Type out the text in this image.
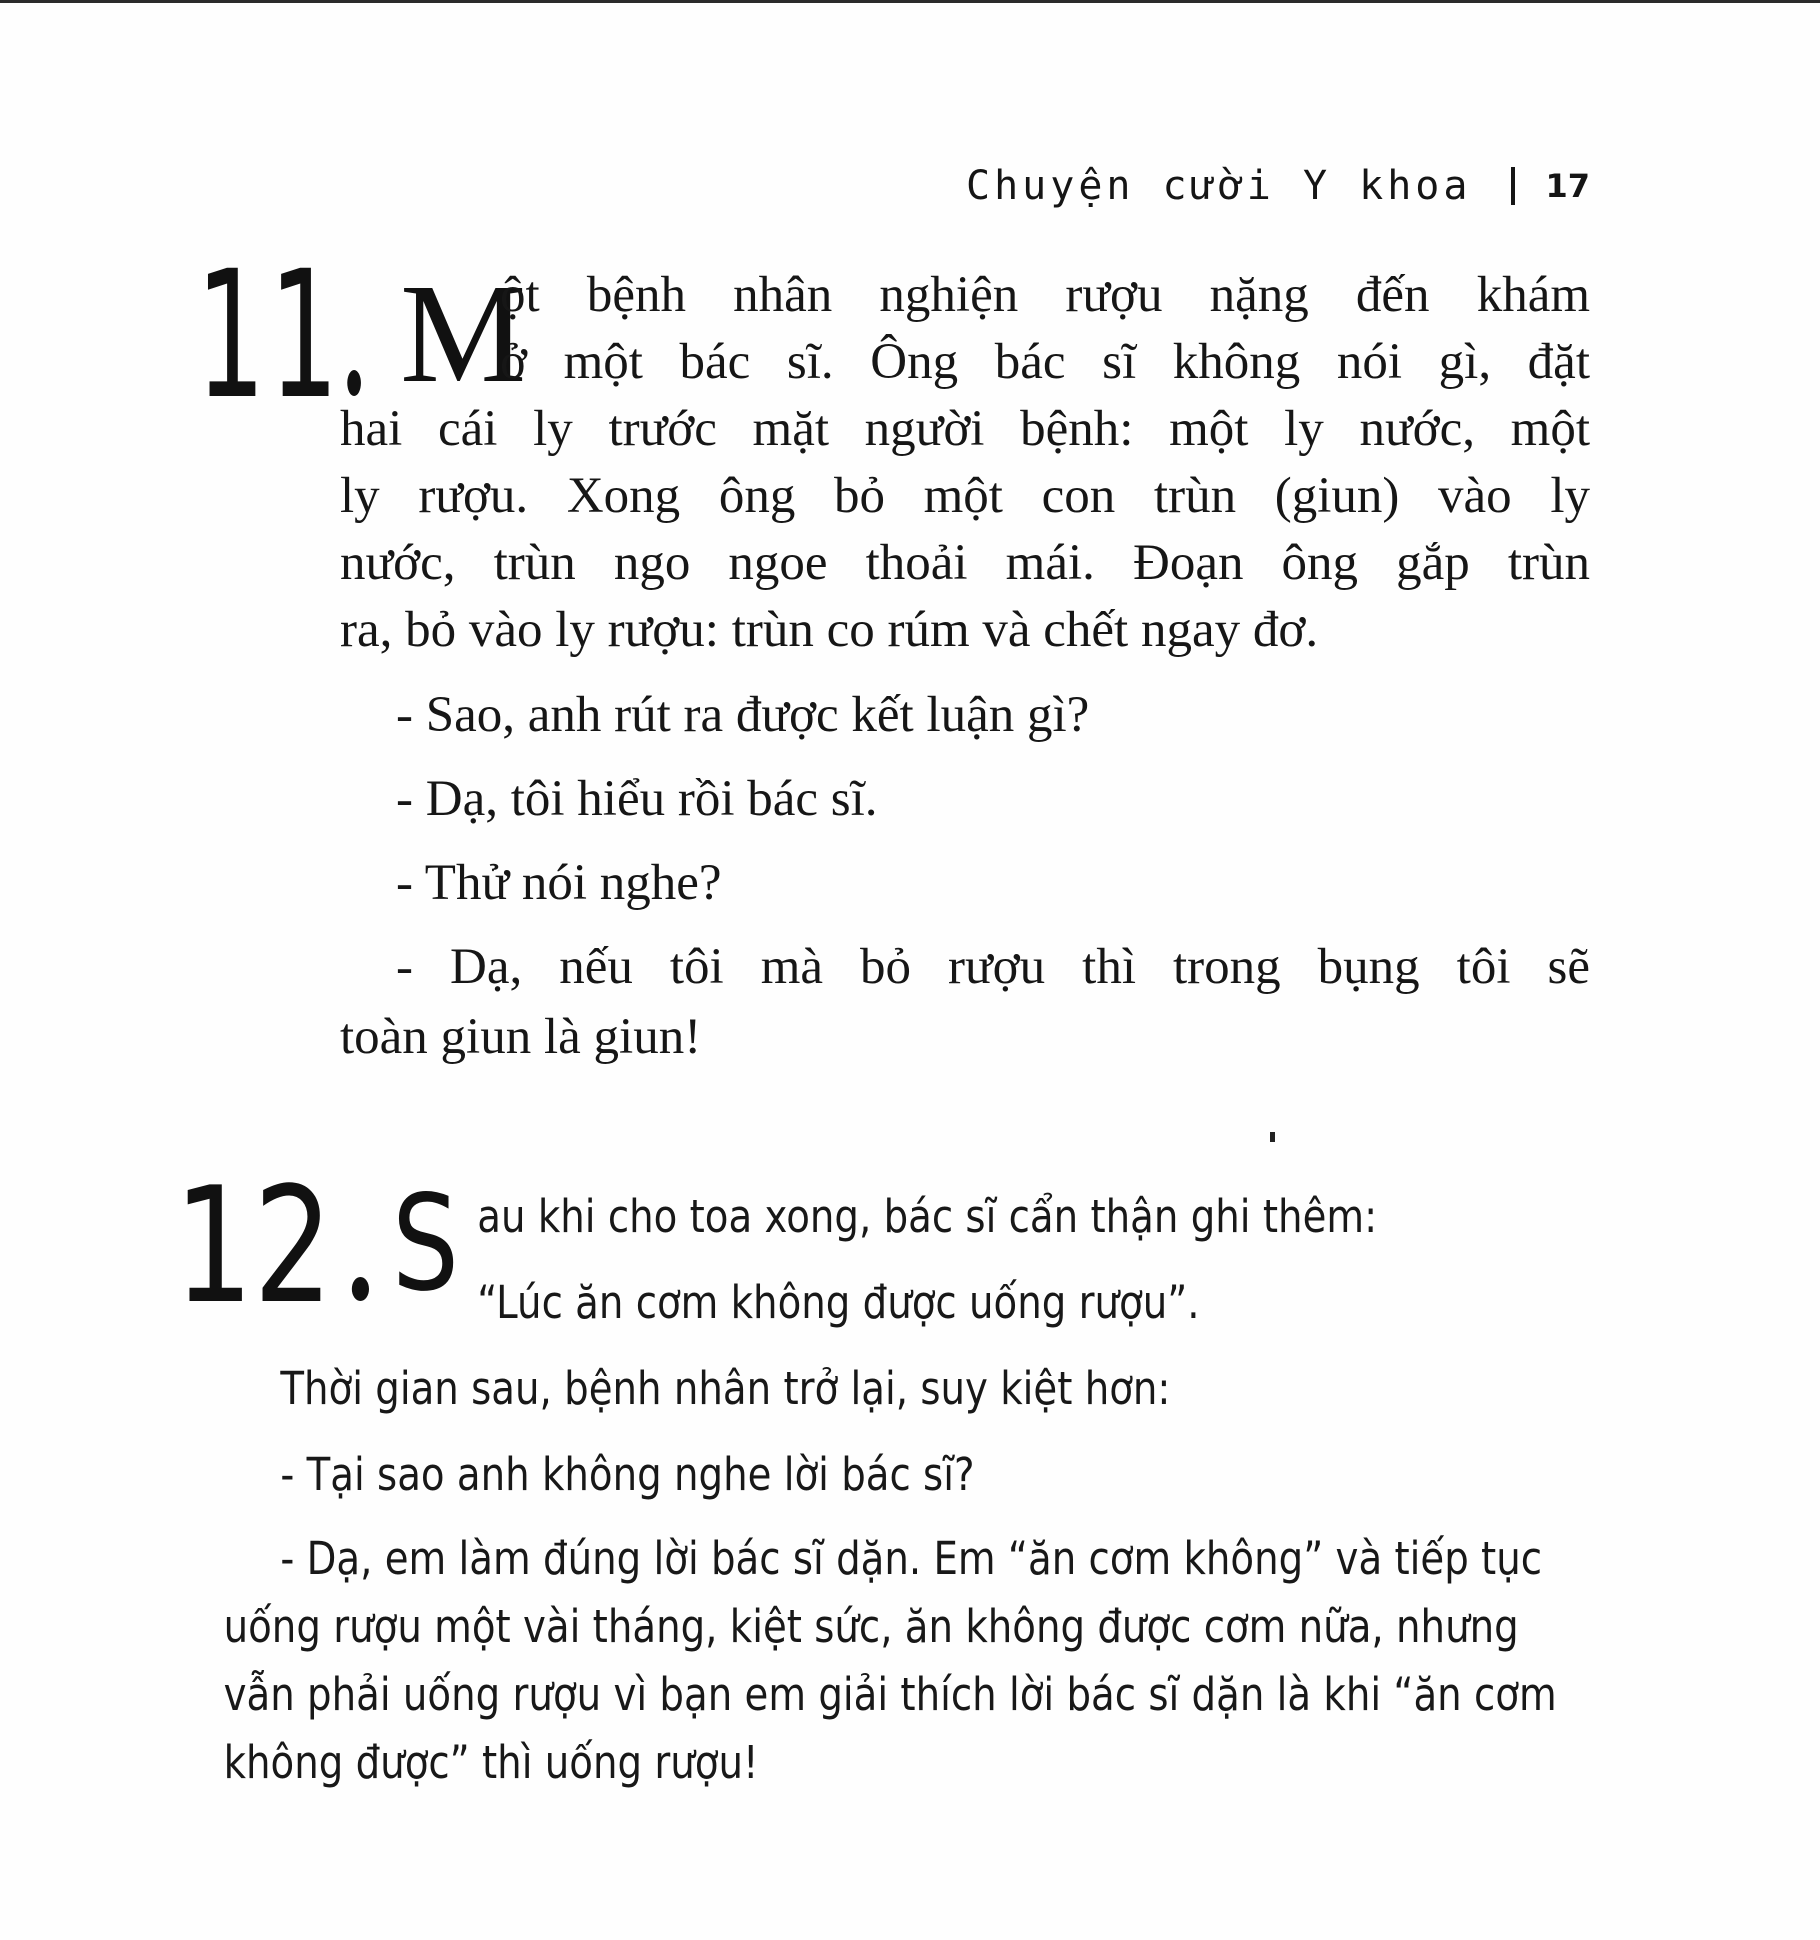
Chuyện cười Y khoa 17
11 M
ột bệnh nhân nghiện rượu nặng đến khám
ở một bác sĩ. Ông bác sĩ không nói gì, đặt
hai cái ly trước mặt người bệnh: một ly nước, một
ly rượu. Xong ông bỏ một con trùn (giun) vào ly
nước, trùn ngo ngoe thoải mái. Đoạn ông gắp trùn
ra, bỏ vào ly rượu: trùn co rúm và chết ngay đơ.
- Sao, anh rút ra được kết luận gì?
- Dạ, tôi hiểu rồi bác sĩ.
- Thử nói nghe?
- Dạ, nếu tôi mà bỏ rượu thì trong bụng tôi sẽ
toàn giun là giun!
12 S au khi cho toa xong, bác sĩ cẩn thận ghi thêm:
“Lúc ăn cơm không được uống rượu”.
Thời gian sau, bệnh nhân trở lại, suy kiệt hơn:
- Tại sao anh không nghe lời bác sĩ?
- Dạ, em làm đúng lời bác sĩ dặn. Em “ăn cơm không” và tiếp tục
uống rượu một vài tháng, kiệt sức, ăn không được cơm nữa, nhưng
vẫn phải uống rượu vì bạn em giải thích lời bác sĩ dặn là khi “ăn cơm
không được” thì uống rượu!
